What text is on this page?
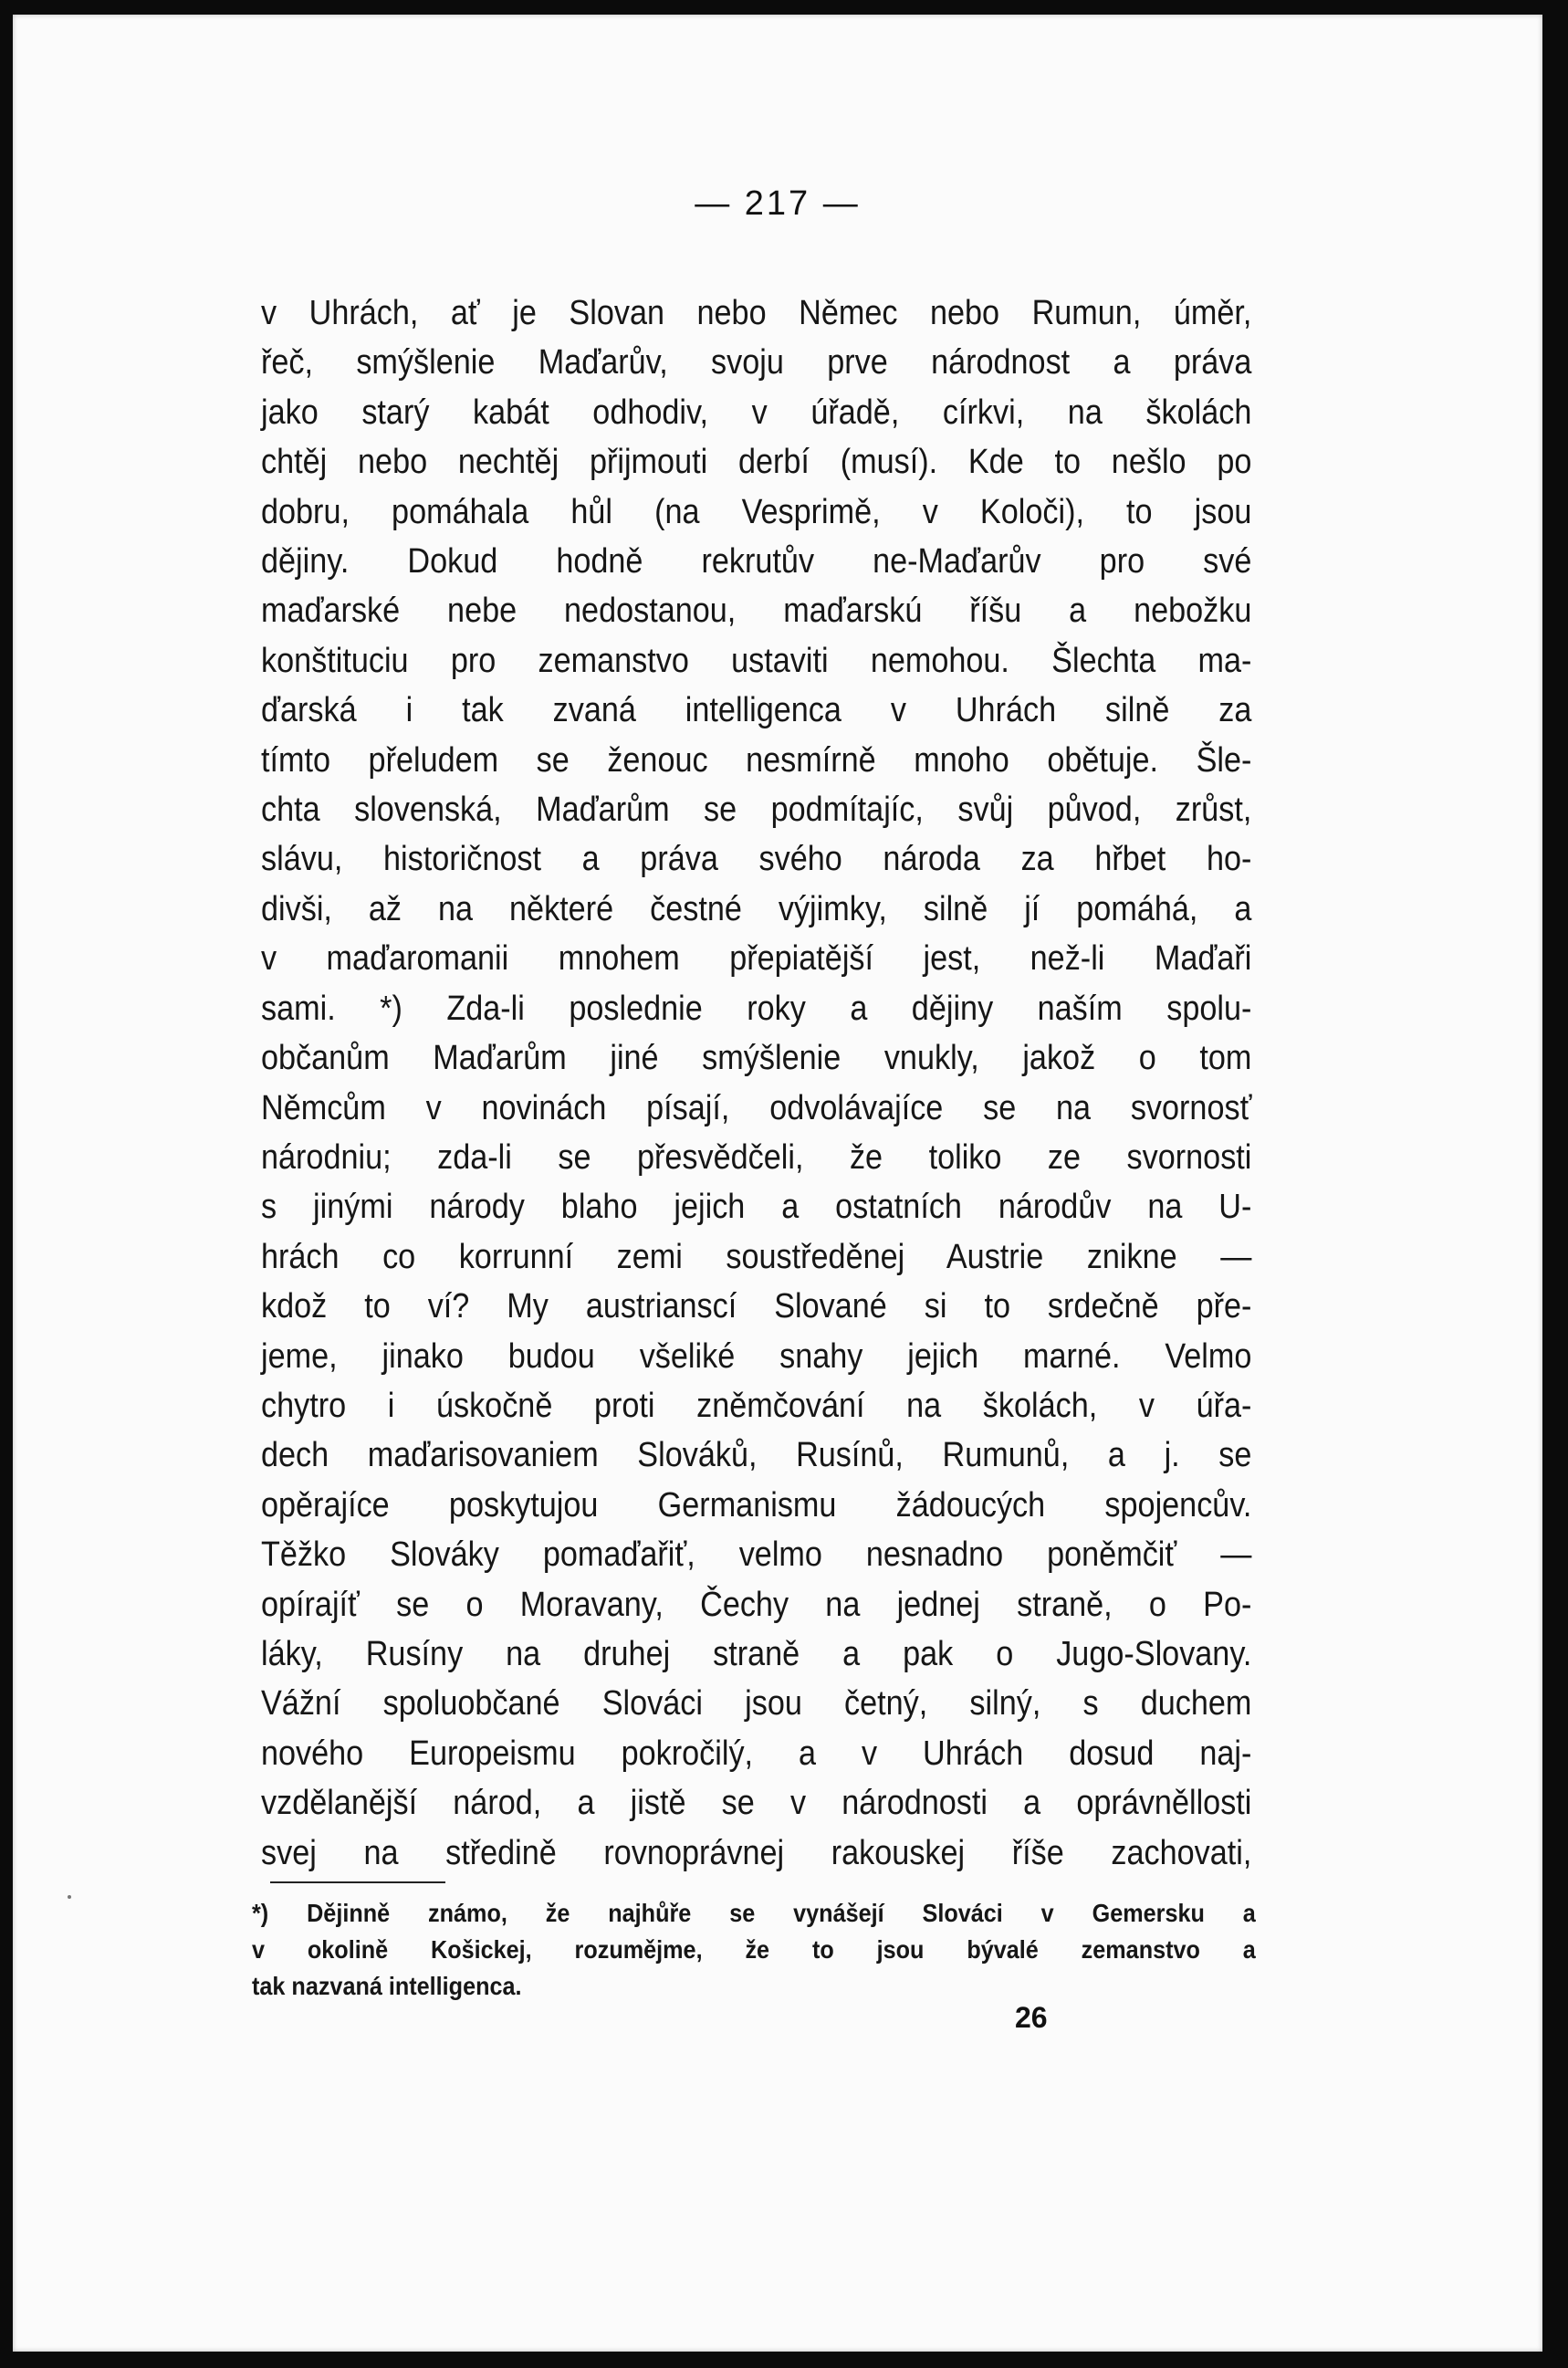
— 217 —
v Uhrách, ať je Slovan nebo Němec nebo Rumun, úměr,
řeč, smýšlenie Maďarův, svoju prve národnost a práva
jako starý kabát odhodiv, v úřadě, církvi, na školách
chtěj nebo nechtěj přijmouti derbí (musí). Kde to nešlo po
dobru, pomáhala hůl (na Vesprimě, v Koloči), to jsou
dějiny. Dokud hodně rekrutův ne-Maďarův pro své
maďarské nebe nedostanou, maďarskú říšu a nebožku
konštituciu pro zemanstvo ustaviti nemohou. Šlechta ma-
ďarská i tak zvaná intelligenca v Uhrách silně za
tímto přeludem se ženouc nesmírně mnoho obětuje. Šle-
chta slovenská, Maďarům se podmítajíc, svůj původ, zrůst,
slávu, historičnost a práva svého národa za hřbet ho-
divši, až na některé čestné výjimky, silně jí pomáhá, a
v maďaromanii mnohem přepiatější jest, než-li Maďaři
sami. *) Zda-li poslednie roky a dějiny naším spolu-
občanům Maďarům jiné smýšlenie vnukly, jakož o tom
Němcům v novinách písají, odvolávajíce se na svornosť
národniu; zda-li se přesvědčeli, že toliko ze svornosti
s jinými národy blaho jejich a ostatních národův na U-
hrách co korrunní zemi soustředěnej Austrie znikne —
kdož to ví? My austrianscí Slované si to srdečně pře-
jeme, jinako budou všeliké snahy jejich marné. Velmo
chytro i úskočně proti zněmčování na školách, v úřa-
dech maďarisovaniem Slováků, Rusínů, Rumunů, a j. se
opěrajíce poskytujou Germanismu žádoucých spojencův.
Těžko Slováky pomaďařiť, velmo nesnadno poněmčiť —
opírajíť se o Moravany, Čechy na jednej straně, o Po-
láky, Rusíny na druhej straně a pak o Jugo-Slovany.
Vážní spoluobčané Slováci jsou četný, silný, s duchem
nového Europeismu pokročilý, a v Uhrách dosud naj-
vzdělanější národ, a jistě se v národnosti a oprávněllosti
svej na středině rovnoprávnej rakouskej říše zachovati,
*) Dějinně známo, že najhůře se vynášejí Slováci v Gemersku a
v okolině Košickej, rozumějme, že to jsou bývalé zemanstvo a
tak nazvaná intelligenca.
26
